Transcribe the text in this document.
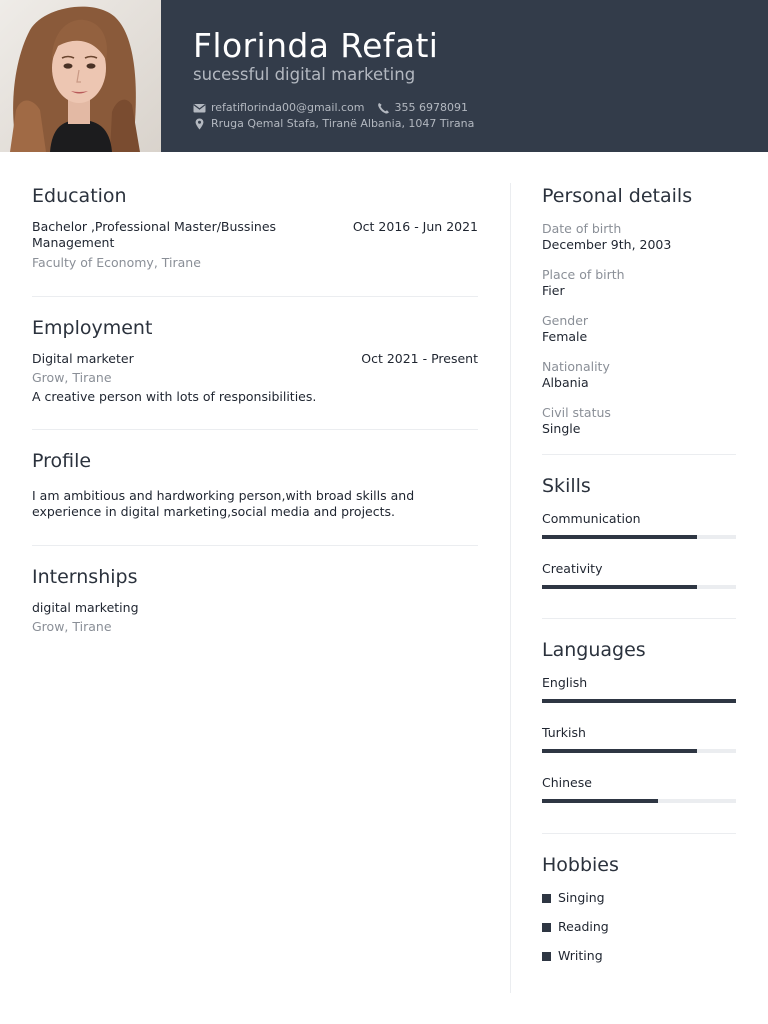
Florinda Refati
sucessful digital marketing
refatiflorinda00@gmail.com	355 6978091
Rruga Qemal Stafa, Tiranë Albania, 1047 Tirana
Education
Bachelor ,Professional Master/Bussines Management
Oct 2016 - Jun 2021
Faculty of Economy, Tirane
Employment
Digital marketer	Oct 2021 - Present
Grow, Tirane
A creative person with lots of responsibilities.
Profile
I am ambitious and hardworking person,with broad skills and experience in digital marketing,social media and projects.
Internships
digital marketing
Grow, Tirane
Personal details
Date of birth
December 9th, 2003
Place of birth
Fier
Gender
Female
Nationality
Albania
Civil status
Single
Skills
Communication
Creativity
Languages
English
Turkish
Chinese
Hobbies
Singing
Reading
Writing
